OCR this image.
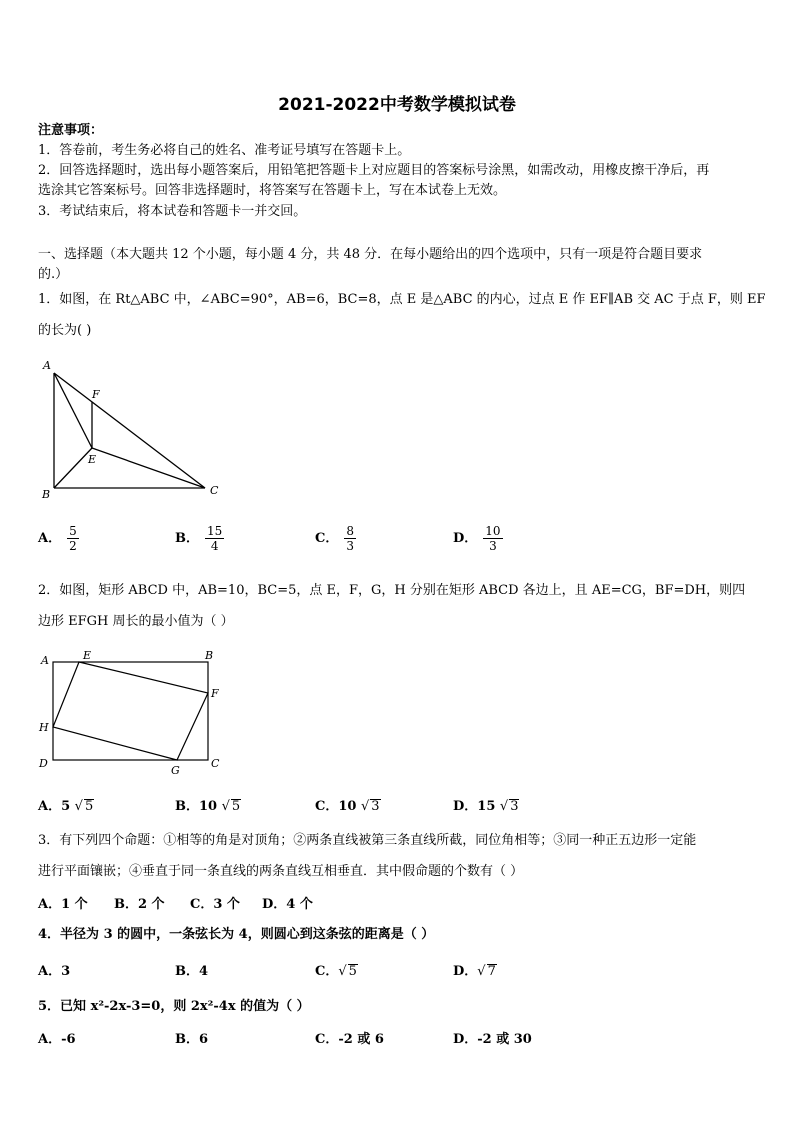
2021-2022中考数学模拟试卷
注意事项：
1．答卷前，考生务必将自己的姓名、准考证号填写在答题卡上。
2．回答选择题时，选出每小题答案后，用铅笔把答题卡上对应题目的答案标号涂黑，如需改动，用橡皮擦干净后，再
选涂其它答案标号。回答非选择题时，将答案写在答题卡上，写在本试卷上无效。
3．考试结束后，将本试卷和答题卡一并交回。
一、选择题（本大题共 12 个小题，每小题 4 分，共 48 分．在每小题给出的四个选项中，只有一项是符合题目要求
的.）
1．如图，在 Rt△ABC 中，∠ABC=90°，AB=6，BC=8，点 E 是△ABC 的内心，过点 E 作 EF∥AB 交 AC 于点 F，则 EF
的长为( )
A
B	C
E
F
A． $\frac{5}{2}$	B． $\frac{15}{4}$	C． $\frac{8}{3}$	D． $\frac{10}{3}$
2．如图，矩形 ABCD 中，AB=10，BC=5，点 E，F，G，H 分别在矩形 ABCD 各边上，且 AE=CG，BF=DH，则四
边形 EFGH 周长的最小值为（ ）
A	B
C
D
E
F
G
H
A．5 √ 5	B．10 √ 5	C．10 √ 3	D．15 √ 3
3．有下列四个命题：①相等的角是对顶角；②两条直线被第三条直线所截，同位角相等；③同一种正五边形一定能
进行平面镶嵌；④垂直于同一条直线的两条直线互相垂直．其中假命题的个数有（ ）
A．1 个 B．2 个 C．3 个 D．4 个
4．半径为 3 的圆中，一条弦长为 4，则圆心到这条弦的距离是（ ）
A．3	B．4	C．√ 5	D．√ 7
5．已知 x²-2x-3=0，则 2x²-4x 的值为（ ）
A．-6	B．6	C．-2 或 6	D．-2 或 30
